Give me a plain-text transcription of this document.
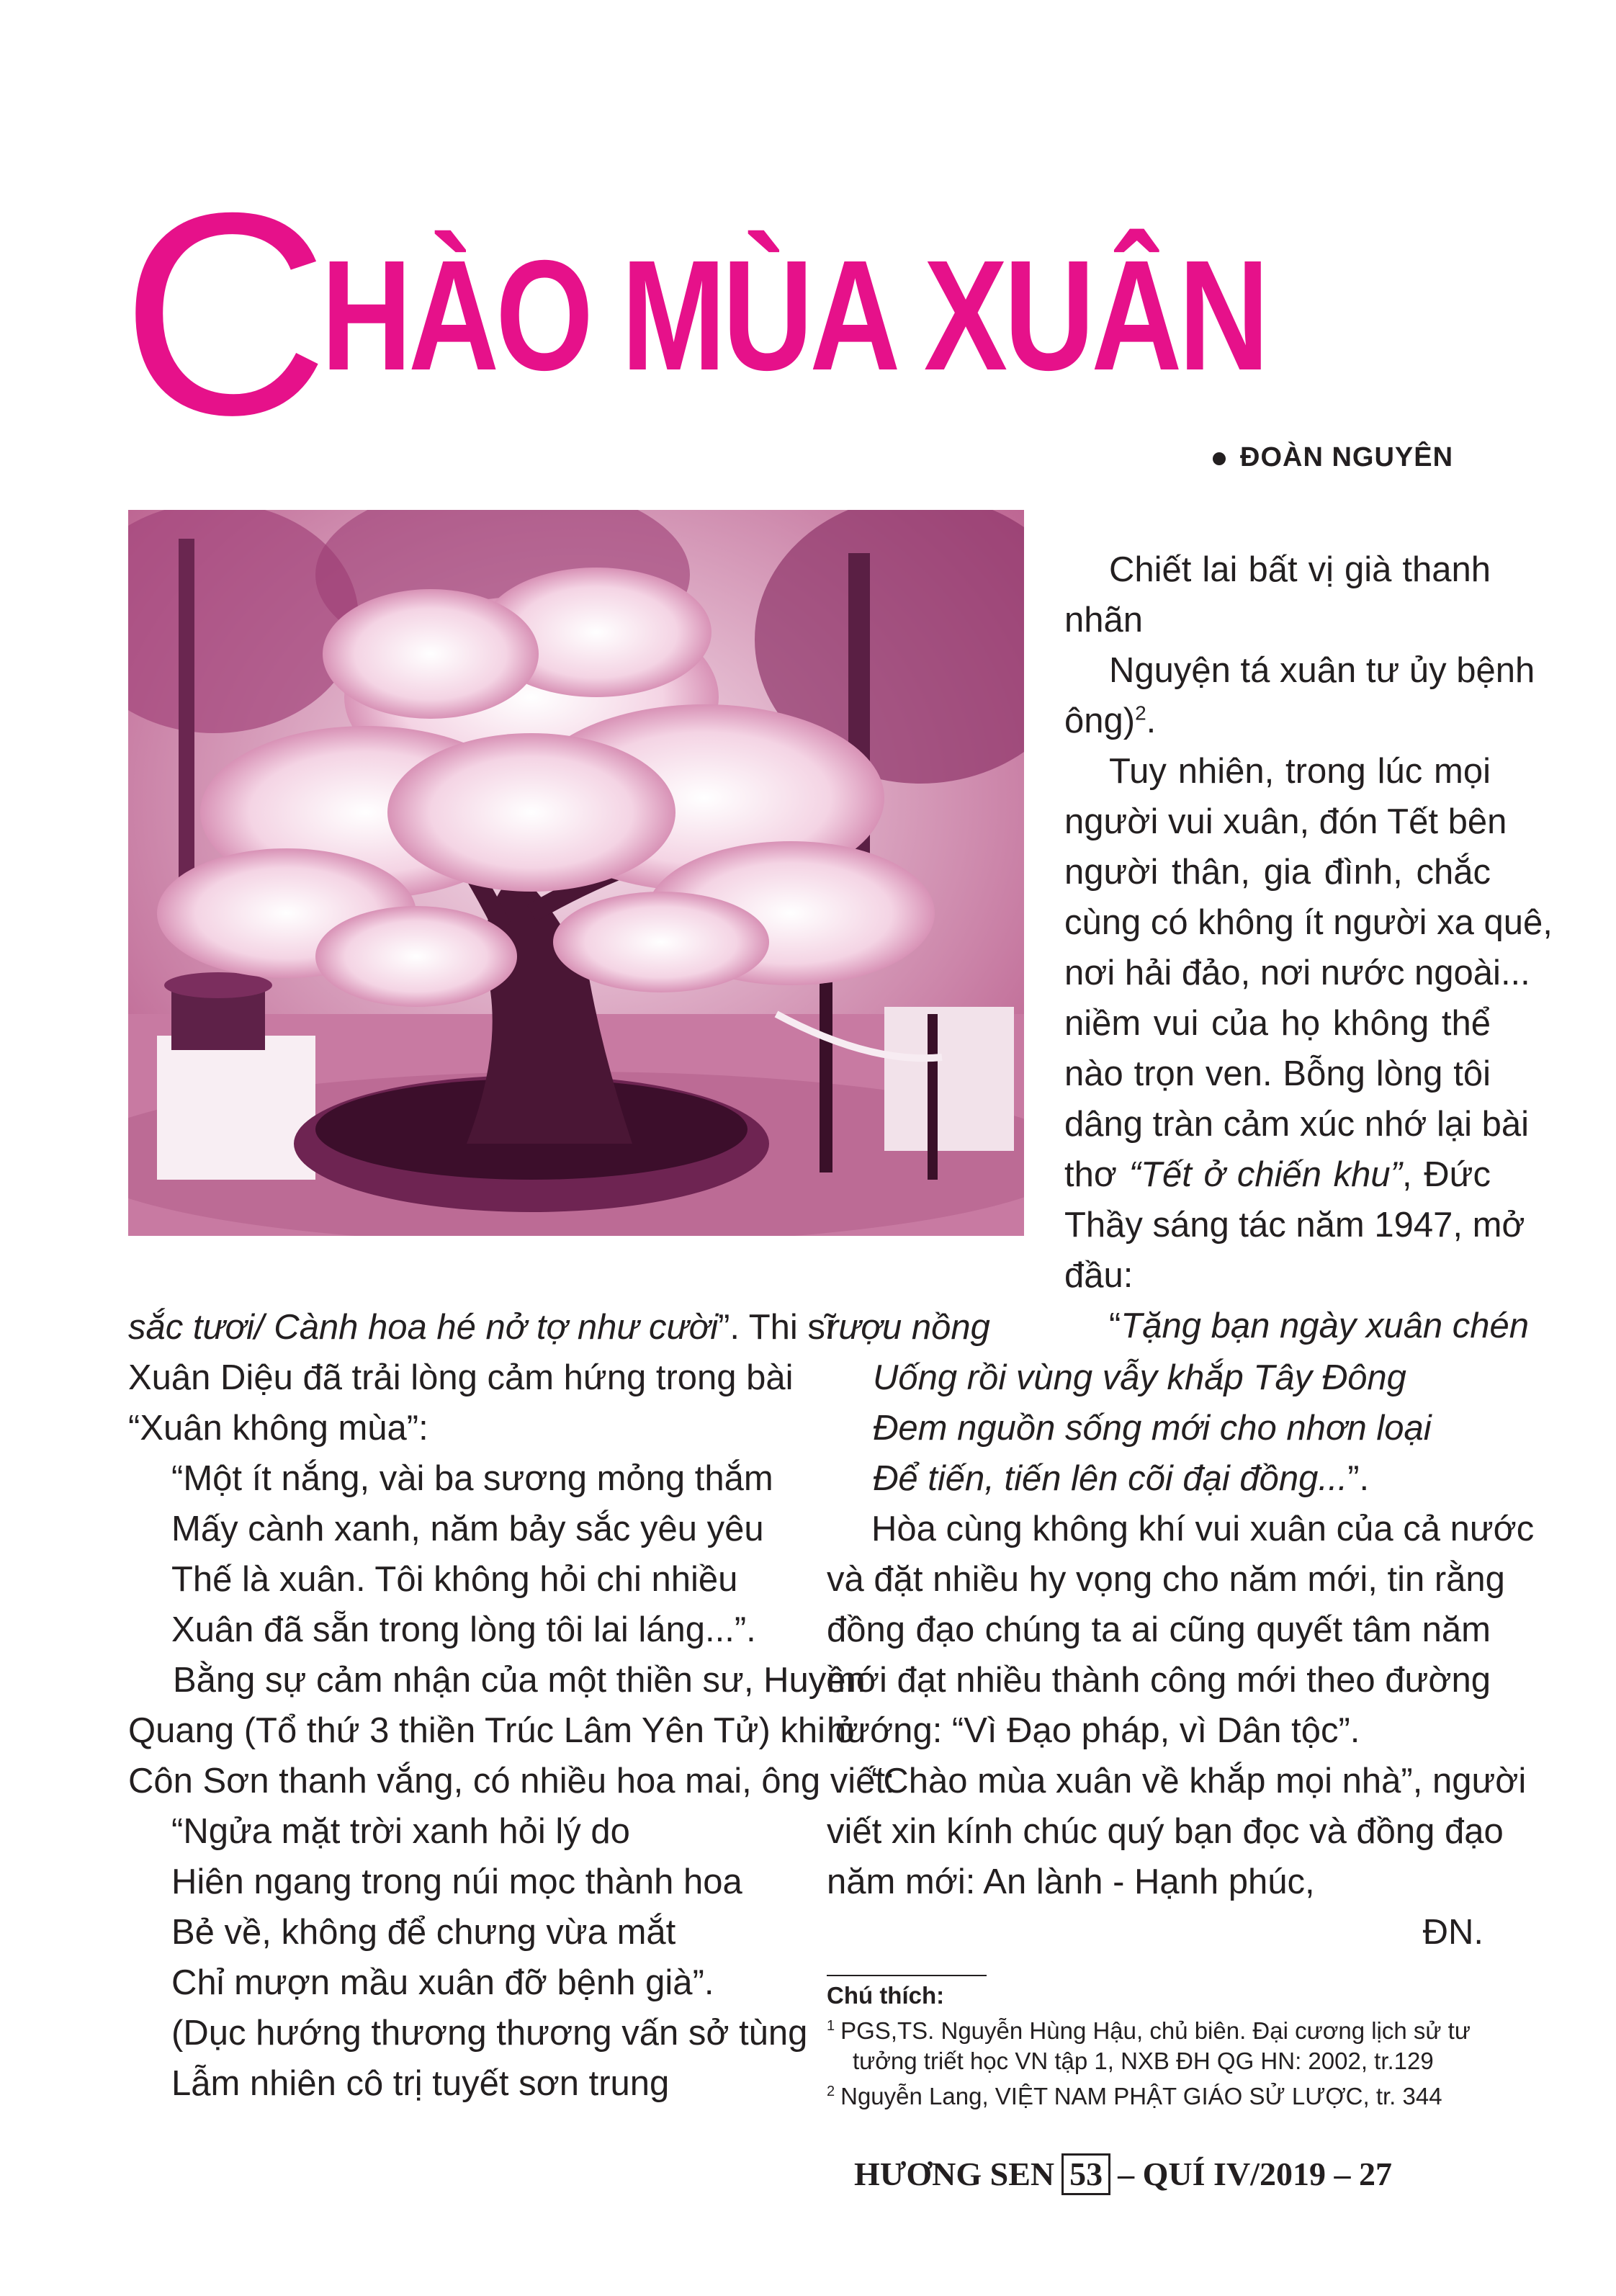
C
HÀO MÙA XUÂN
ĐOÀN NGUYÊN
Chiết lai bất vị già thanh
nhãn
Nguyện tá xuân tư ủy bệnh
ông)$^2$.
Tuy nhiên, trong lúc mọi
người vui xuân, đón Tết bên
người thân, gia đình, chắc
cùng có không ít người xa quê,
nơi hải đảo, nơi nước ngoài...
niềm vui của họ không thể
nào trọn ven. Bỗng lòng tôi
dâng tràn cảm xúc nhớ lại bài
thơ “Tết ở chiến khu”, Đức
Thầy sáng tác năm 1947, mở
đầu:
“Tặng bạn ngày xuân chén
sắc tươi/ Cành hoa hé nở tợ như cười”. Thi sĩ
Xuân Diệu đã trải lòng cảm hứng trong bài
“Xuân không mùa”:
“Một ít nắng, vài ba sương mỏng thắm
Mấy cành xanh, năm bảy sắc yêu yêu
Thế là xuân. Tôi không hỏi chi nhiều
Xuân đã sẵn trong lòng tôi lai láng...”.
Bằng sự cảm nhận của một thiền sư, Huyền
Quang (Tổ thứ 3 thiền Trúc Lâm Yên Tử) khi ở
Côn Sơn thanh vắng, có nhiều hoa mai, ông viết:
“Ngửa mặt trời xanh hỏi lý do
Hiên ngang trong núi mọc thành hoa
Bẻ về, không để chưng vừa mắt
Chỉ mượn mầu xuân đỡ bệnh già”.
(Dục hướng thương thương vấn sở tùng
Lẫm nhiên cô trị tuyết sơn trung
rượu nồng
Uống rồi vùng vẫy khắp Tây Đông
Đem nguồn sống mới cho nhơn loại
Để tiến, tiến lên cõi đại đồng...”.
Hòa cùng không khí vui xuân của cả nước
và đặt nhiều hy vọng cho năm mới, tin rằng
đồng đạo chúng ta ai cũng quyết tâm năm
mới đạt nhiều thành công mới theo đường
hướng: “Vì Đạo pháp, vì Dân tộc”.
“Chào mùa xuân về khắp mọi nhà”, người
viết xin kính chúc quý bạn đọc và đồng đạo
năm mới: An lành - Hạnh phúc,
ĐN.
Chú thích:
$^1$ PGS,TS. Nguyễn Hùng Hậu, chủ biên. Đại cương lịch sử tư
tưởng triết học VN tập 1, NXB ĐH QG HN: 2002, tr.129
$^2$ Nguyễn Lang, VIỆT NAM PHẬT GIÁO SỬ LƯỢC, tr. 344
HƯƠNG SEN 53 – QUÍ IV/2019 – 27
